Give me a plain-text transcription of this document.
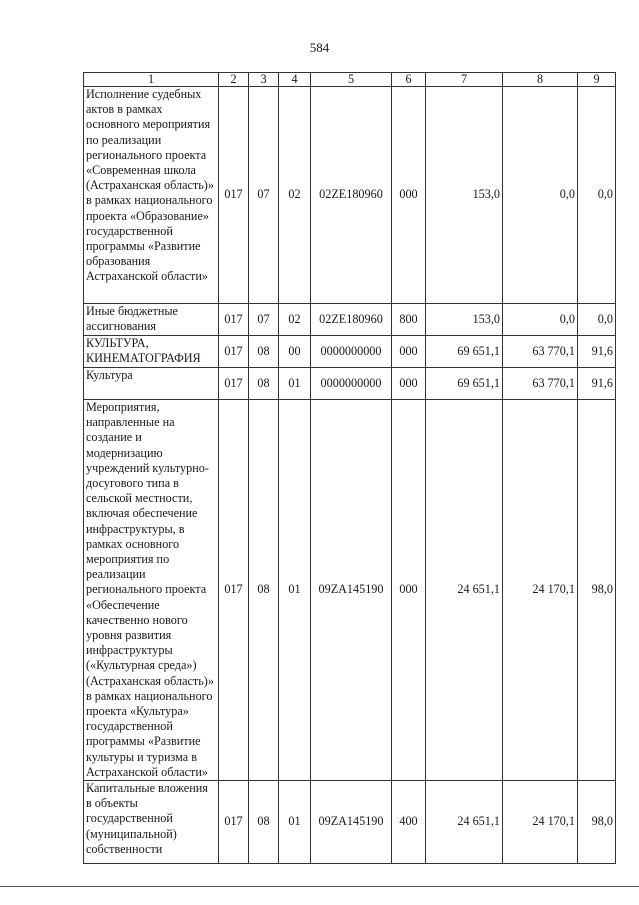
584
1	2	3	4	5	6	7	8	9
Исполнение судебных актов в рамках основного мероприятия по реализации регионального проекта «Современная школа (Астраханская область)» в рамках национального проекта «Образование» государственной программы «Развитие образования Астраханской области»	017	07	02	02ZE180960	000	153,0	0,0	0,0
Иные бюджетные ассигнования	017	07	02	02ZE180960	800	153,0	0,0	0,0
КУЛЬТУРА, КИНЕМАТОГРАФИЯ	017	08	00	0000000000	000	69 651,1	63 770,1	91,6
Культура	017	08	01	0000000000	000	69 651,1	63 770,1	91,6
Мероприятия, направленные на создание и модернизацию учреждений культурно-досугового типа в сельской местности, включая обеспечение инфраструктуры, в рамках основного мероприятия по реализации регионального проекта «Обеспечение качественно нового уровня развития инфраструктуры («Культурная среда») (Астраханская область)» в рамках национального проекта «Культура» государственной программы «Развитие культуры и туризма в Астраханской области»	017	08	01	09ZA145190	000	24 651,1	24 170,1	98,0
Капитальные вложения в объекты государственной (муниципальной) собственности	017	08	01	09ZA145190	400	24 651,1	24 170,1	98,0
